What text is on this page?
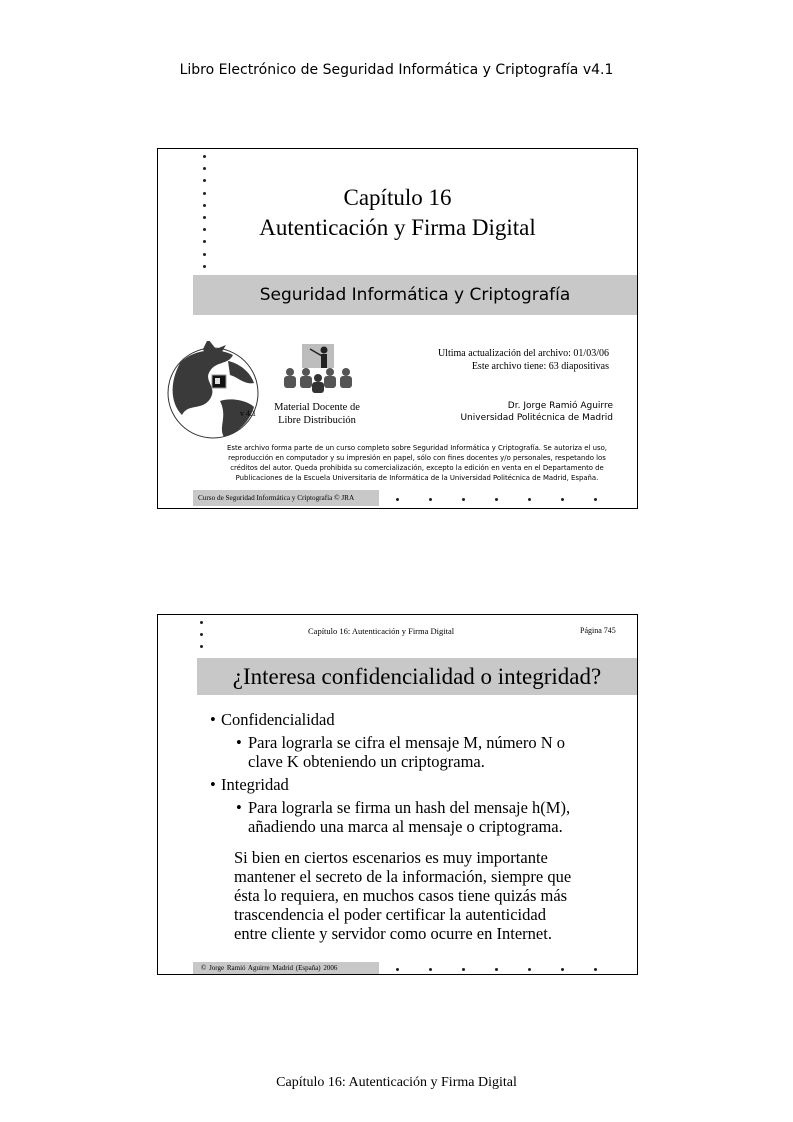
Libro Electrónico de Seguridad Informática y Criptografía v4.1
Capítulo 16
Autenticación y Firma Digital
Seguridad Informática y Criptografía
v 4.1
Material Docente de
Libre Distribución
Ultima actualización del archivo: 01/03/06
Este archivo tiene: 63 diapositivas
Dr. Jorge Ramió Aguirre
Universidad Politécnica de Madrid
Este archivo forma parte de un curso completo sobre Seguridad Informática y Criptografía. Se autoriza el uso,
reproducción en computador y su impresión en papel, sólo con fines docentes y/o personales, respetando los
créditos del autor. Queda prohibida su comercialización, excepto la edición en venta en el Departamento de
Publicaciones de la Escuela Universitaria de Informática de la Universidad Politécnica de Madrid, España.
Curso de Seguridad Informática y Criptografía © JRA
Capítulo 16: Autenticación y Firma Digital	Página 745
¿Interesa confidencialidad o integridad?
• Confidencialidad
• Para lograrla se cifra el mensaje M, número N o
clave K obteniendo un criptograma.
• Integridad
• Para lograrla se firma un hash del mensaje h(M),
añadiendo una marca al mensaje o criptograma.
Si bien en ciertos escenarios es muy importante
mantener el secreto de la información, siempre que
ésta lo requiera, en muchos casos tiene quizás más
trascendencia el poder certificar la autenticidad
entre cliente y servidor como ocurre en Internet.
© Jorge Ramió Aguirre Madrid (España) 2006
Capítulo 16: Autenticación y Firma Digital
